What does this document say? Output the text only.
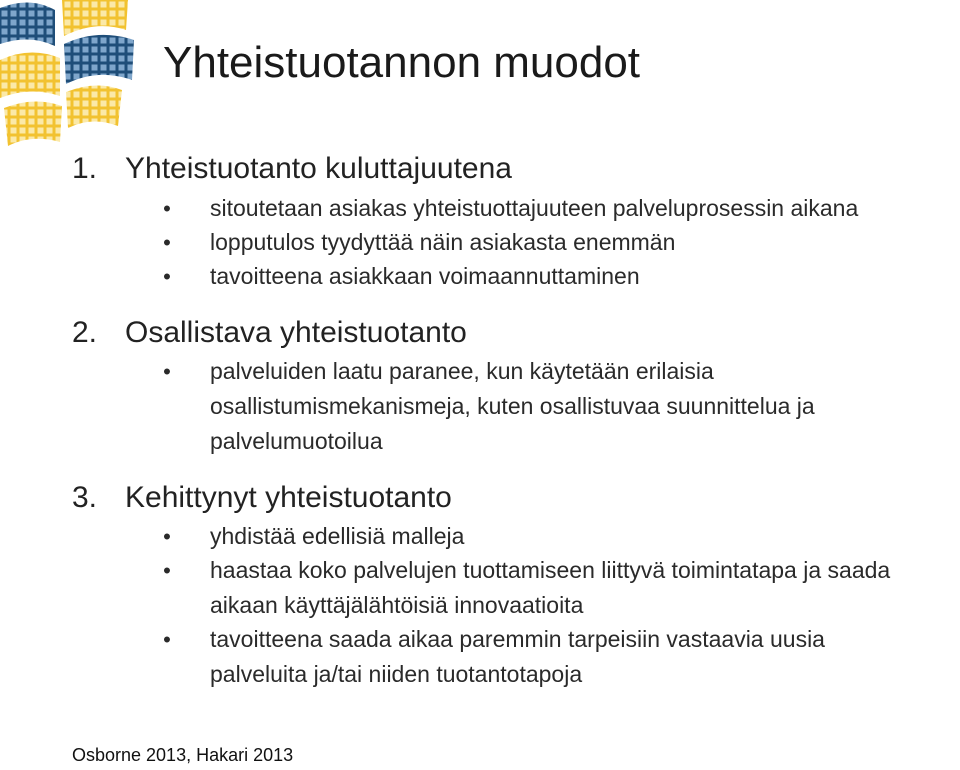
Yhteistuotannon muodot
1. Yhteistuotanto kuluttajuutena
• sitoutetaan asiakas yhteistuottajuuteen palveluprosessin aikana
• lopputulos tyydyttää näin asiakasta enemmän
• tavoitteena asiakkaan voimaannuttaminen
2. Osallistava yhteistuotanto
• palveluiden laatu paranee, kun käytetään erilaisia osallistumismekanismeja, kuten osallistuvaa suunnittelua ja palvelumuotoilua
3. Kehittynyt yhteistuotanto
• yhdistää edellisiä malleja
• haastaa koko palvelujen tuottamiseen liittyvä toimintatapa ja saada aikaan käyttäjälähtöisiä innovaatioita
• tavoitteena saada aikaa paremmin tarpeisiin vastaavia uusia palveluita ja/tai niiden tuotantotapoja
Osborne 2013, Hakari 2013
